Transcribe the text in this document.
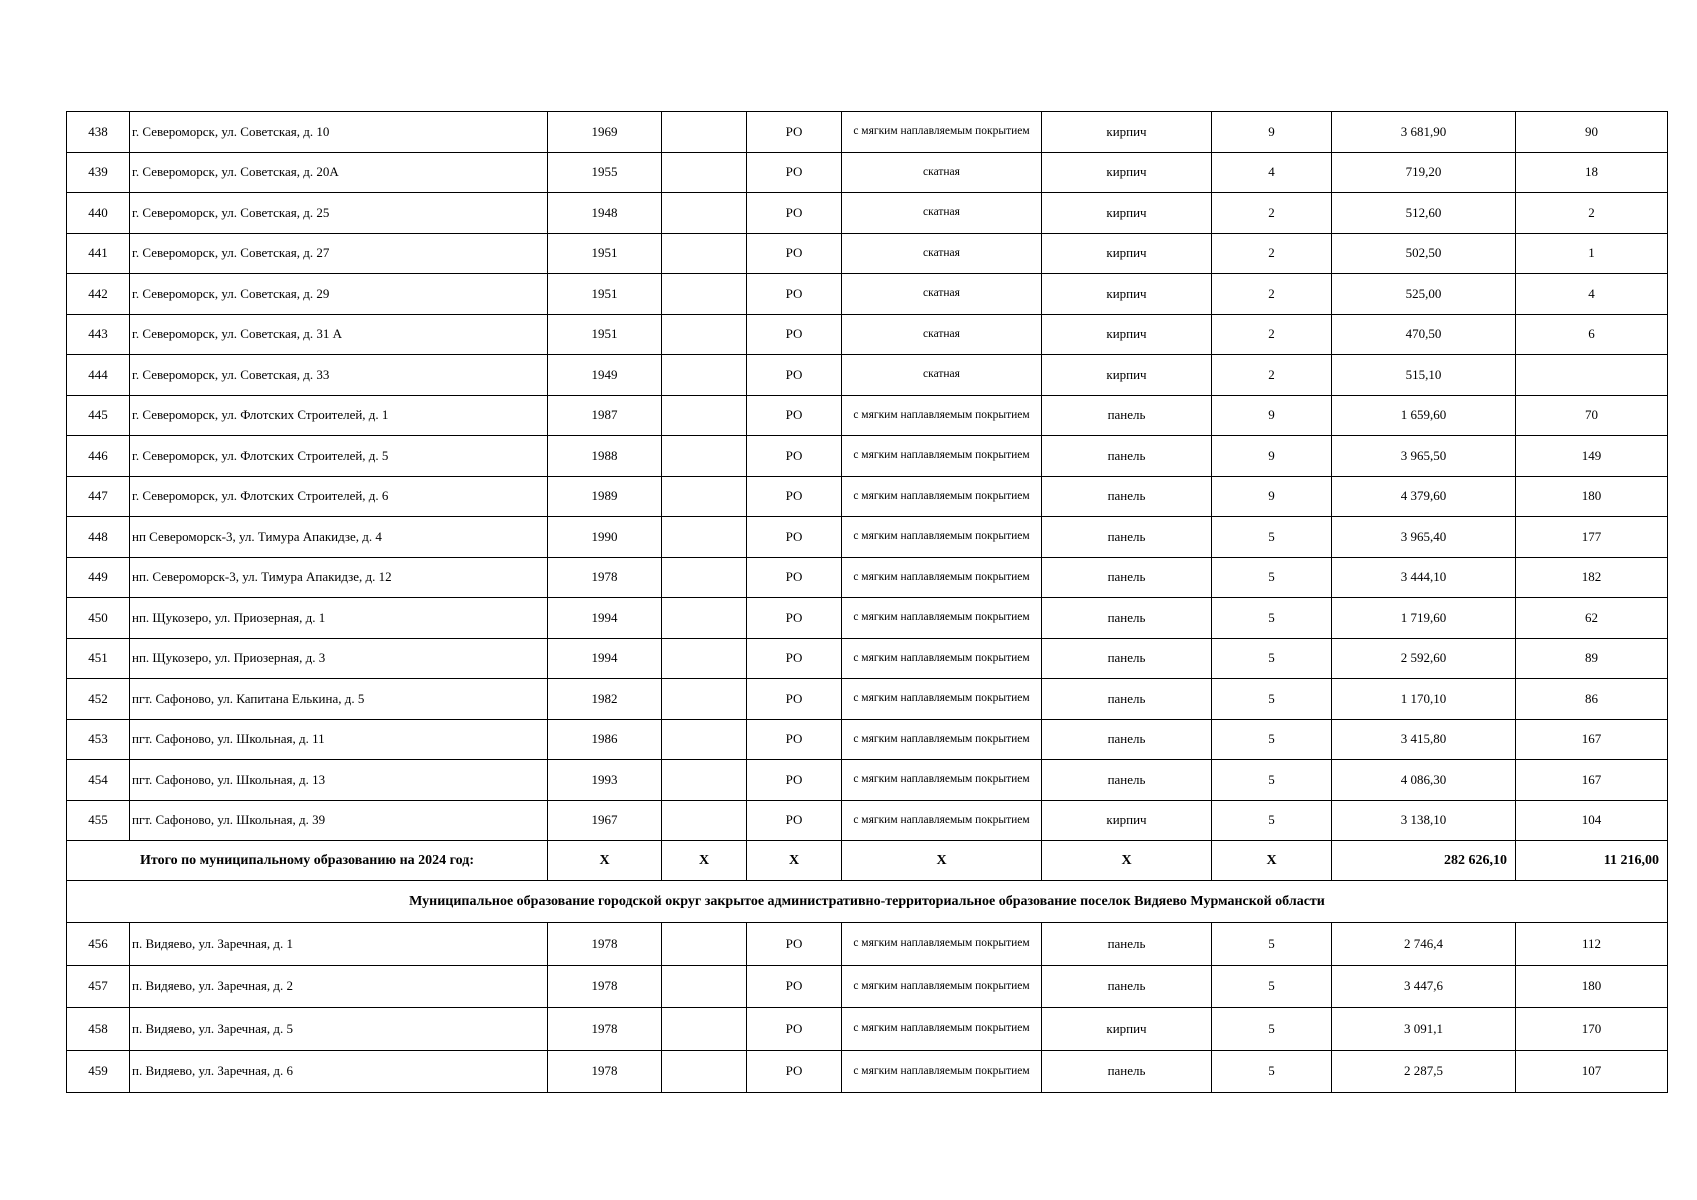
438	г. Североморск, ул. Советская, д. 10	1969		РО	с мягким наплавляемым покрытием	кирпич	9	3 681,90	90
439	г. Североморск, ул. Советская, д. 20А	1955		РО	скатная	кирпич	4	719,20	18
440	г. Североморск, ул. Советская, д. 25	1948		РО	скатная	кирпич	2	512,60	2
441	г. Североморск, ул. Советская, д. 27	1951		РО	скатная	кирпич	2	502,50	1
442	г. Североморск, ул. Советская, д. 29	1951		РО	скатная	кирпич	2	525,00	4
443	г. Североморск, ул. Советская, д. 31 А	1951		РО	скатная	кирпич	2	470,50	6
444	г. Североморск, ул. Советская, д. 33	1949		РО	скатная	кирпич	2	515,10	
445	г. Североморск, ул. Флотских Строителей, д. 1	1987		РО	с мягким наплавляемым покрытием	панель	9	1 659,60	70
446	г. Североморск, ул. Флотских Строителей, д. 5	1988		РО	с мягким наплавляемым покрытием	панель	9	3 965,50	149
447	г. Североморск, ул. Флотских Строителей, д. 6	1989		РО	с мягким наплавляемым покрытием	панель	9	4 379,60	180
448	нп Североморск-3, ул. Тимура Апакидзе, д. 4	1990		РО	с мягким наплавляемым покрытием	панель	5	3 965,40	177
449	нп. Североморск-3, ул. Тимура Апакидзе, д. 12	1978		РО	с мягким наплавляемым покрытием	панель	5	3 444,10	182
450	нп. Щукозеро, ул. Приозерная, д. 1	1994		РО	с мягким наплавляемым покрытием	панель	5	1 719,60	62
451	нп. Щукозеро, ул. Приозерная, д. 3	1994		РО	с мягким наплавляемым покрытием	панель	5	2 592,60	89
452	пгт. Сафоново, ул. Капитана Елькина, д. 5	1982		РО	с мягким наплавляемым покрытием	панель	5	1 170,10	86
453	пгт. Сафоново, ул. Школьная, д. 11	1986		РО	с мягким наплавляемым покрытием	панель	5	3 415,80	167
454	пгт. Сафоново, ул. Школьная, д. 13	1993		РО	с мягким наплавляемым покрытием	панель	5	4 086,30	167
455	пгт. Сафоново, ул. Школьная, д. 39	1967		РО	с мягким наплавляемым покрытием	кирпич	5	3 138,10	104
Итого по муниципальному образованию на 2024 год:		X	X	X	X	X	X	282 626,10	11 216,00
Муниципальное образование городской округ закрытое административно-территориальное образование поселок Видяево Мурманской области									
456	п. Видяево, ул. Заречная, д. 1	1978		РО	с мягким наплавляемым покрытием	панель	5	2 746,4	112
457	п. Видяево, ул. Заречная, д. 2	1978		РО	с мягким наплавляемым покрытием	панель	5	3 447,6	180
458	п. Видяево, ул. Заречная, д. 5	1978		РО	с мягким наплавляемым покрытием	кирпич	5	3 091,1	170
459	п. Видяево, ул. Заречная, д. 6	1978		РО	с мягким наплавляемым покрытием	панель	5	2 287,5	107
